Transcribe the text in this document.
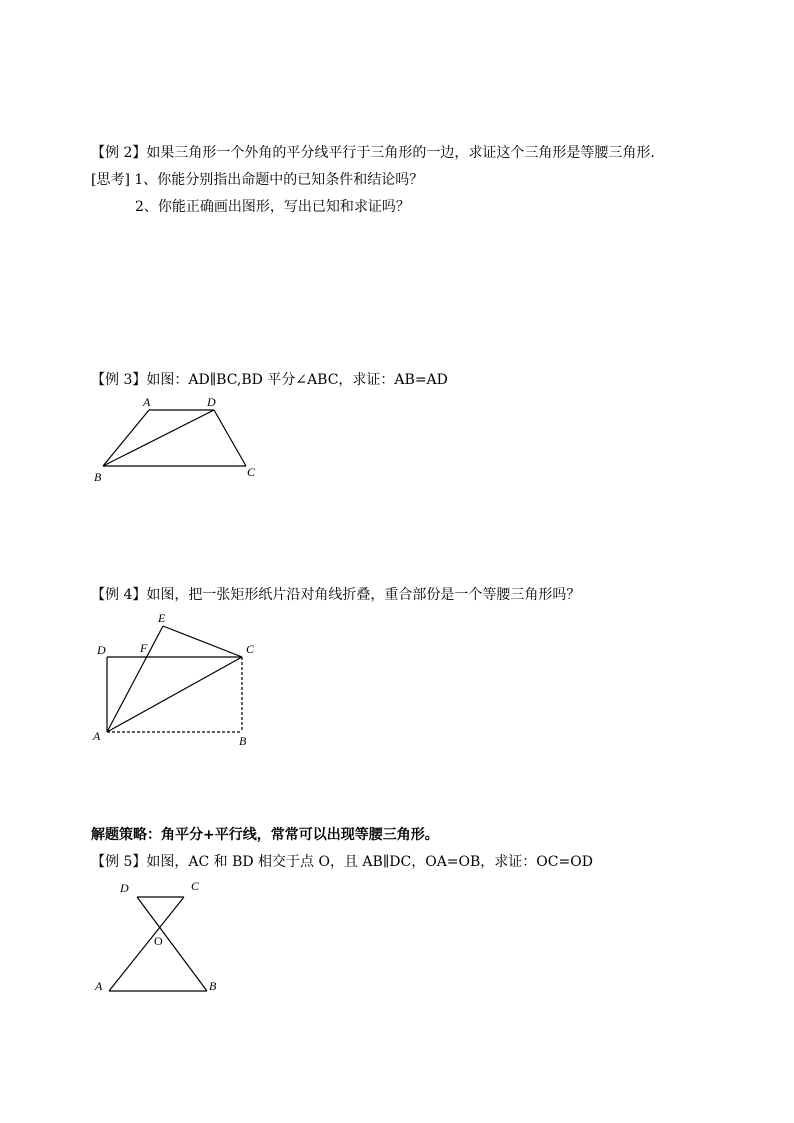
【例 2】如果三角形一个外角的平分线平行于三角形的一边，求证这个三角形是等腰三角形．
[思考] 1、你能分别指出命题中的已知条件和结论吗？
2、你能正确画出图形，写出已知和求证吗？
【例 3】如图：AD∥BC,BD 平分∠ABC，求证：AB=AD
A	D
B	C
【例 4】如图，把一张矩形纸片沿对角线折叠，重合部份是一个等腰三角形吗？
E
F
D	C
A	B
解题策略：角平分+平行线，常常可以出现等腰三角形。
【例 5】如图，AC 和 BD 相交于点 O，且 AB∥DC，OA=OB，求证：OC=OD
D	C
O
A	B
